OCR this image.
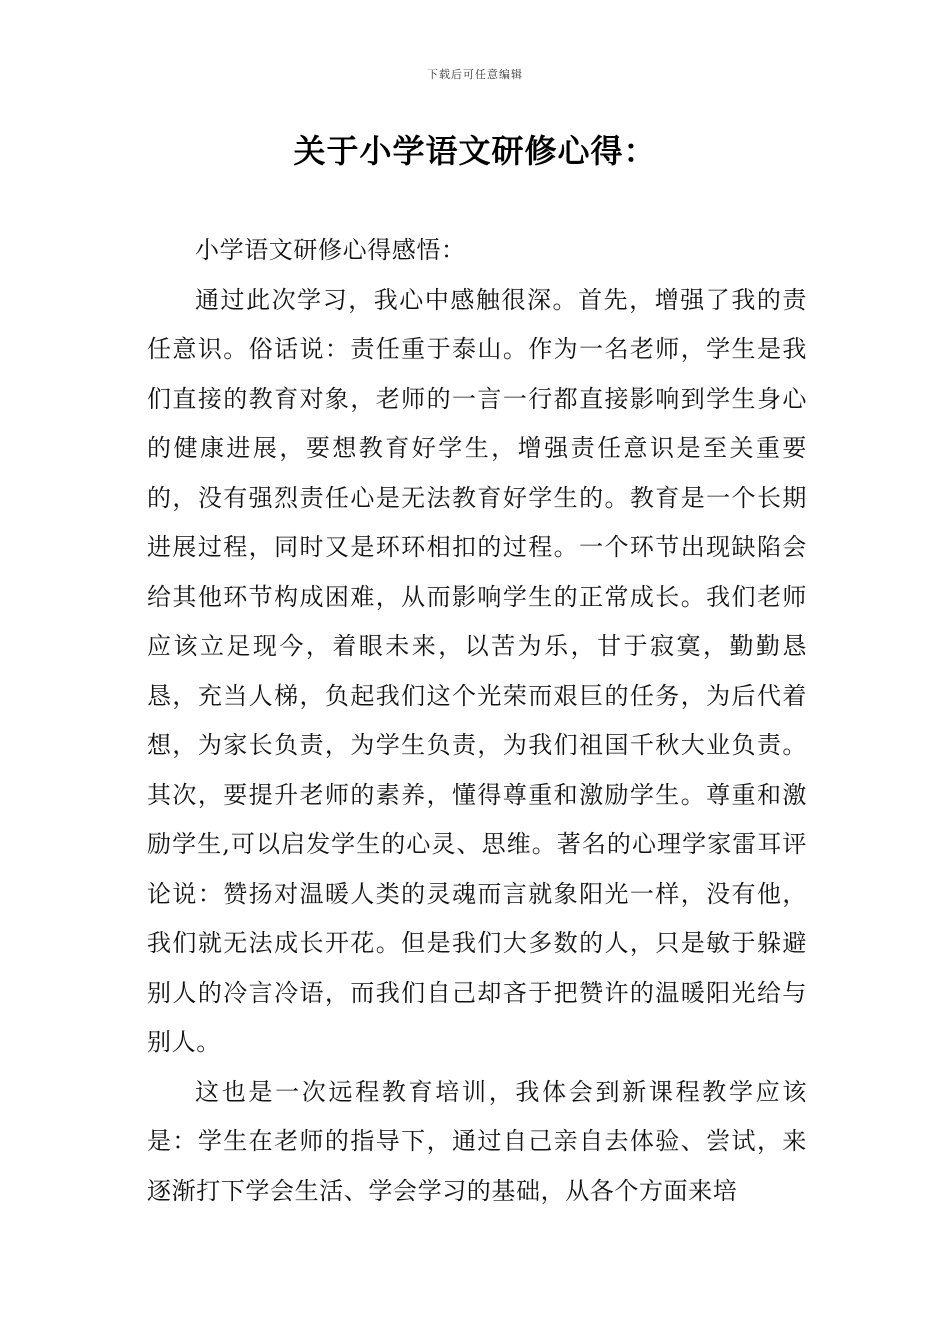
下载后可任意编辑
关于小学语文研修心得：

小学语文研修心得感悟：

通过此次学习，我心中感触很深。首先，增强了我的责任意识。俗话说：责任重于泰山。作为一名老师，学生是我们直接的教育对象，老师的一言一行都直接影响到学生身心的健康进展，要想教育好学生，增强责任意识是至关重要的，没有强烈责任心是无法教育好学生的。教育是一个长期进展过程，同时又是环环相扣的过程。一个环节出现缺陷会给其他环节构成困难，从而影响学生的正常成长。我们老师应该立足现今，着眼未来，以苦为乐，甘于寂寞，勤勤恳恳，充当人梯，负起我们这个光荣而艰巨的任务，为后代着想，为家长负责，为学生负责，为我们祖国千秋大业负责。其次，要提升老师的素养，懂得尊重和激励学生。尊重和激励学生,可以启发学生的心灵、思维。著名的心理学家雷耳评论说：赞扬对温暖人类的灵魂而言就象阳光一样，没有他，我们就无法成长开花。但是我们大多数的人，只是敏于躲避别人的冷言冷语，而我们自己却吝于把赞许的温暖阳光给与别人。

这也是一次远程教育培训，我体会到新课程教学应该是：学生在老师的指导下，通过自己亲自去体验、尝试，来逐渐打下学会生活、学会学习的基础，从各个方面来培
